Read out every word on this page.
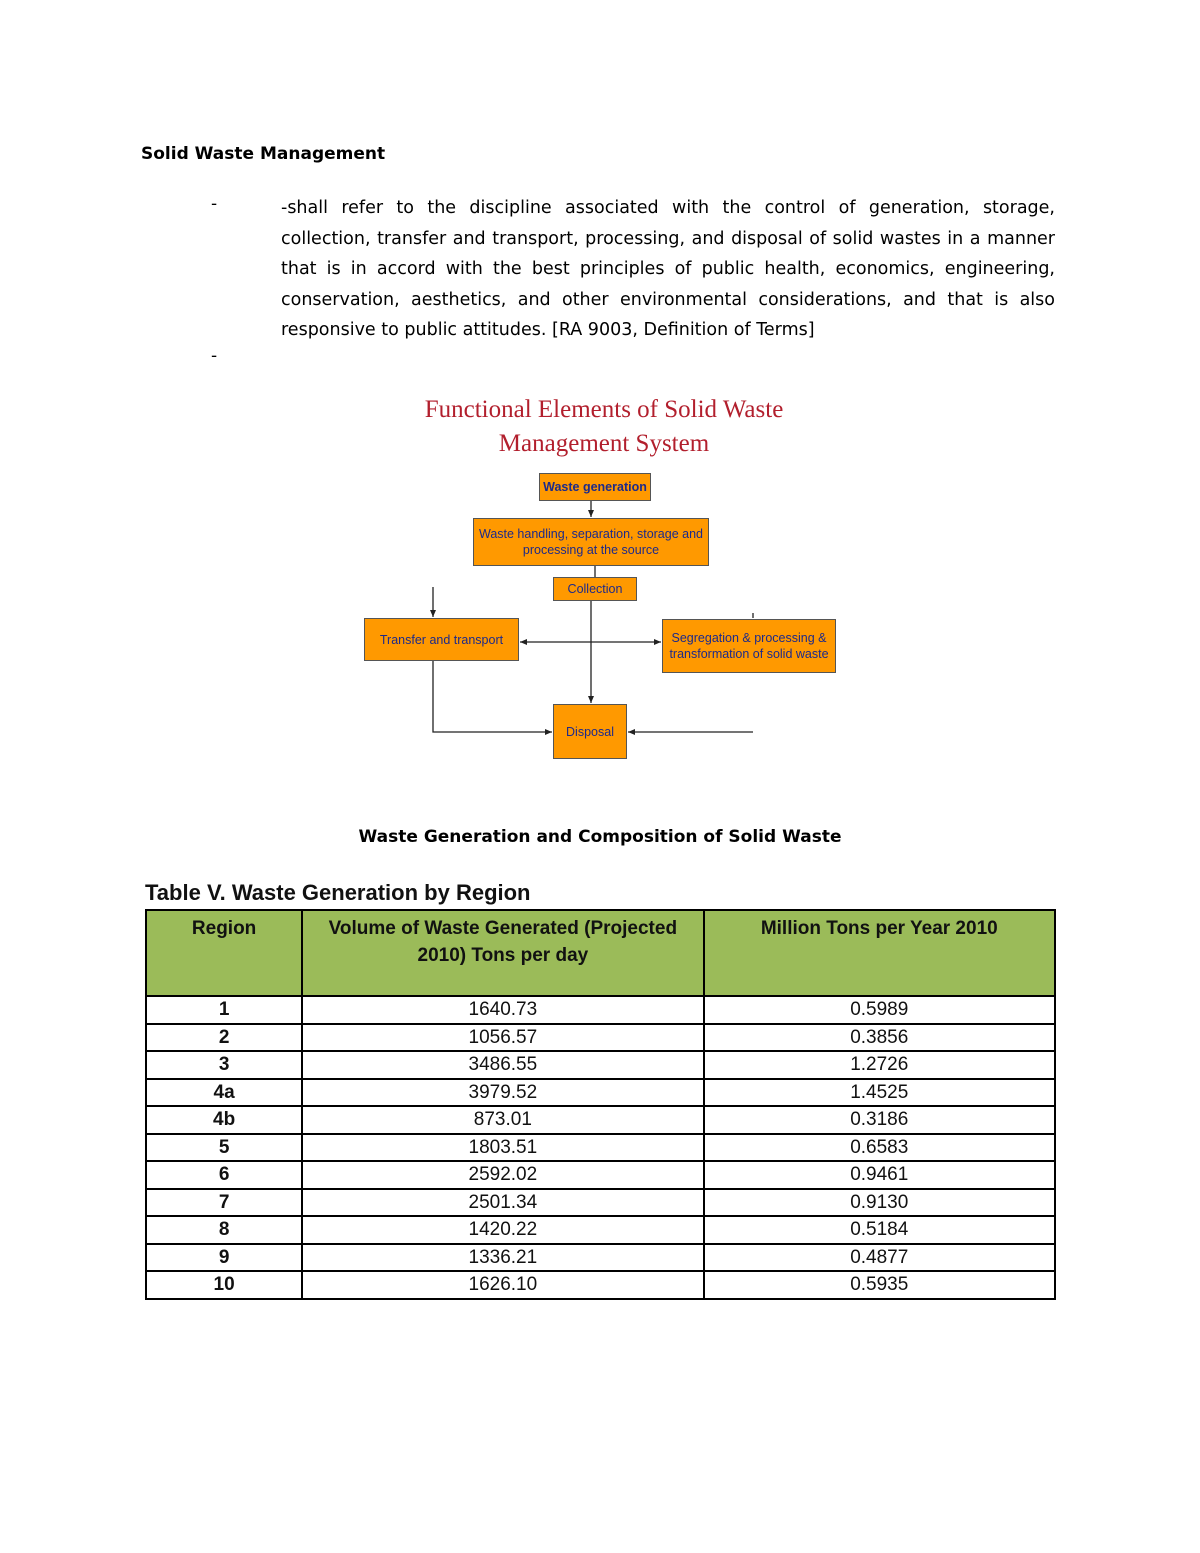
Solid Waste Management
-
-
-shall refer to the discipline associated with the control of generation, storage, collection, transfer and transport, processing, and disposal of solid wastes in a manner that is in accord with the best principles of public health, economics, engineering, conservation, aesthetics, and other environmental considerations, and that is also responsive to public attitudes. [RA 9003, Definition of Terms]
Functional Elements of Solid Waste
Management System
Waste generation
Waste handling, separation, storage and processing at the source
Collection
Transfer and transport	Segregation & processing & transformation of solid waste
Disposal
Waste Generation and Composition of Solid Waste
Table V. Waste Generation by Region
Region	Volume of Waste Generated (Projected 2010) Tons per day	Million Tons per Year 2010
1	1640.73	0.5989
2	1056.57	0.3856
3	3486.55	1.2726
4a	3979.52	1.4525
4b	873.01	0.3186
5	1803.51	0.6583
6	2592.02	0.9461
7	2501.34	0.9130
8	1420.22	0.5184
9	1336.21	0.4877
10	1626.10	0.5935
